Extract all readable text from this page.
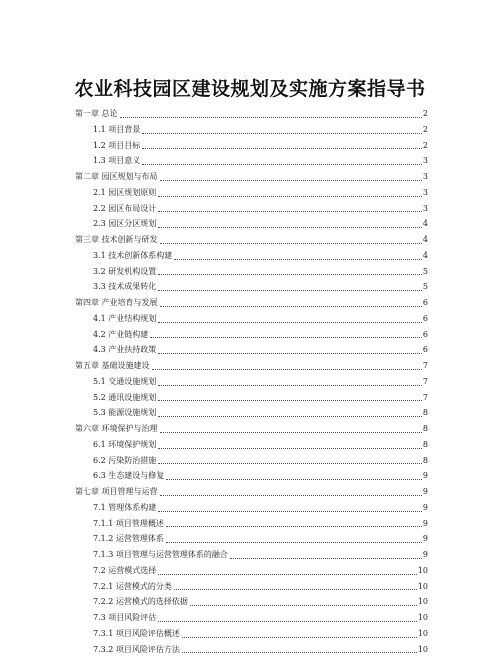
农业科技园区建设规划及实施方案指导书
第一章 总论	2
1.1 项目背景	2
1.2 项目目标	2
1.3 项目意义	3
第二章 园区规划与布局	3
2.1 园区规划原则	3
2.2 园区布局设计	3
2.3 园区分区规划	4
第三章 技术创新与研发	4
3.1 技术创新体系构建	4
3.2 研发机构设置	5
3.3 技术成果转化	5
第四章 产业培育与发展	6
4.1 产业结构规划	6
4.2 产业链构建	6
4.3 产业扶持政策	6
第五章 基础设施建设	7
5.1 交通设施规划	7
5.2 通讯设施规划	7
5.3 能源设施规划	8
第六章 环境保护与治理	8
6.1 环境保护规划	8
6.2 污染防治措施	8
6.3 生态建设与修复	9
第七章 项目管理与运营	9
7.1 管理体系构建	9
7.1.1 项目管理概述	9
7.1.2 运营管理体系	9
7.1.3 项目管理与运营管理体系的融合	9
7.2 运营模式选择	10
7.2.1 运营模式的分类	10
7.2.2 运营模式的选择依据	10
7.3 项目风险评估	10
7.3.1 项目风险评估概述	10
7.3.2 项目风险评估方法	10
